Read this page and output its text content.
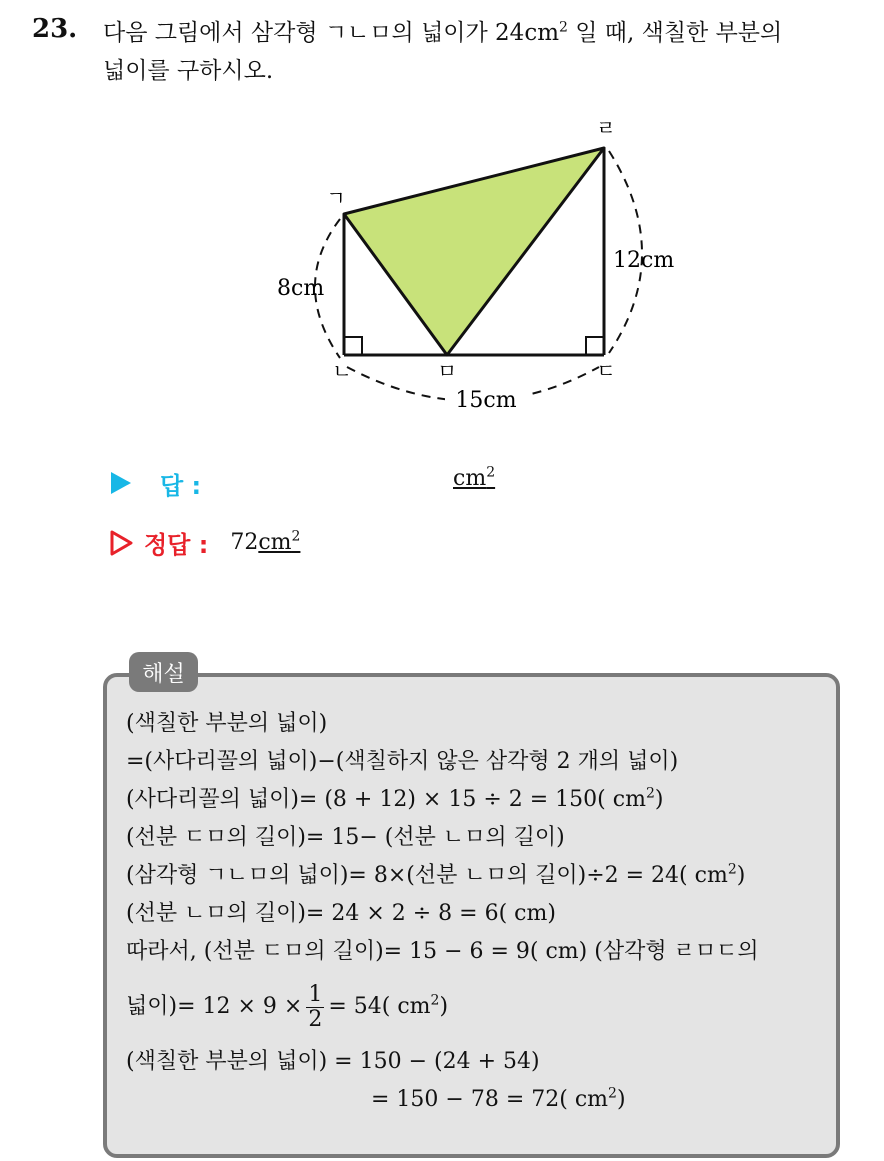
23. 다음 그림에서 삼각형 ㄱㄴㅁ의 넓이가 $24cm^2$ 일 때, 색칠한 부분의
넓이를 구하시오.
ㄱ
ㄴ	ㅁ	ㄷ
ㄹ
8cm
12cm
15cm
답 :	$cm^2$
정답 : $72cm^2$
해설
(색칠한 부분의 넓이)
=(사다리꼴의 넓이)−(색칠하지 않은 삼각형 2 개의 넓이)
(사다리꼴의 넓이)= (8 + 12) × 15 ÷ 2 = 150( $cm^2$)
(선분 ㄷㅁ의 길이)= 15− (선분 ㄴㅁ의 길이)
(삼각형 ㄱㄴㅁ의 넓이)= 8×(선분 ㄴㅁ의 길이)÷2 = 24( $cm^2$)
(선분 ㄴㅁ의 길이)= 24 × 2 ÷ 8 = 6( cm)
따라서, (선분 ㄷㅁ의 길이)= 15 − 6 = 9( cm) (삼각형 ㄹㅁㄷ의
넓이)= $12 \times 9 \times \frac{1}{2} = 54$( $cm^2$)
(색칠한 부분의 넓이) = 150 − (24 + 54)
= 150 − 78 = 72( $cm^2$)
